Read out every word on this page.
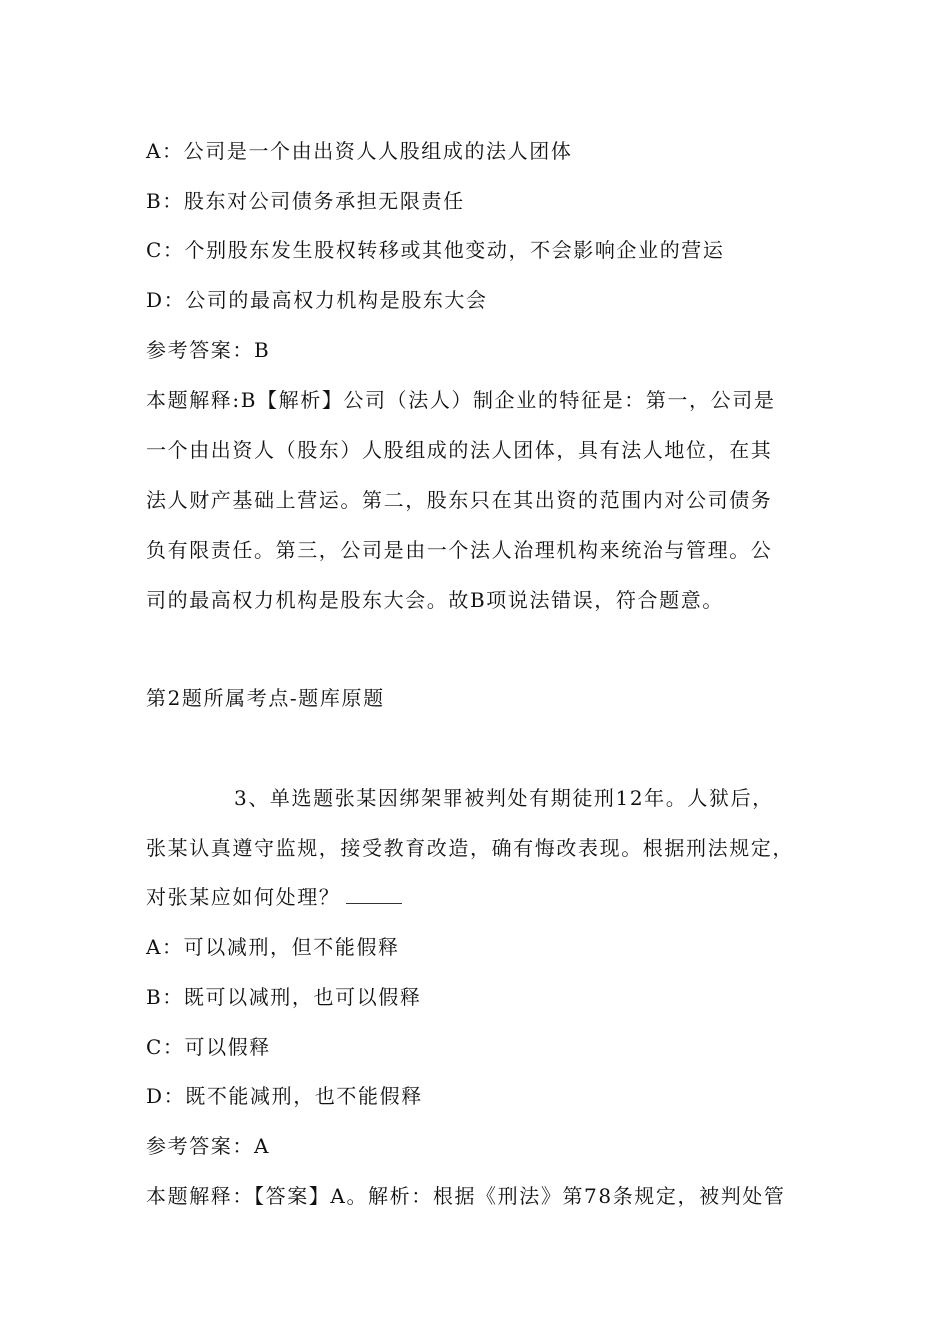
A：公司是一个由出资人人股组成的法人团体
B：股东对公司债务承担无限责任
C：个别股东发生股权转移或其他变动，不会影响企业的营运
D：公司的最高权力机构是股东大会
参考答案：B
本题解释:B【解析】公司（法人）制企业的特征是：第一，公司是
一个由出资人（股东）人股组成的法人团体，具有法人地位，在其
法人财产基础上营运。第二，股东只在其出资的范围内对公司债务
负有限责任。第三，公司是由一个法人治理机构来统治与管理。公
司的最高权力机构是股东大会。故B项说法错误，符合题意。
第2题所属考点-题库原题
3、单选题张某因绑架罪被判处有期徒刑12年。人狱后，
张某认真遵守监规，接受教育改造，确有悔改表现。根据刑法规定，
对张某应如何处理？
A：可以减刑，但不能假释
B：既可以减刑，也可以假释
C：可以假释
D：既不能减刑，也不能假释
参考答案：A
本题解释：【答案】A。解析：根据《刑法》第78条规定，被判处管
